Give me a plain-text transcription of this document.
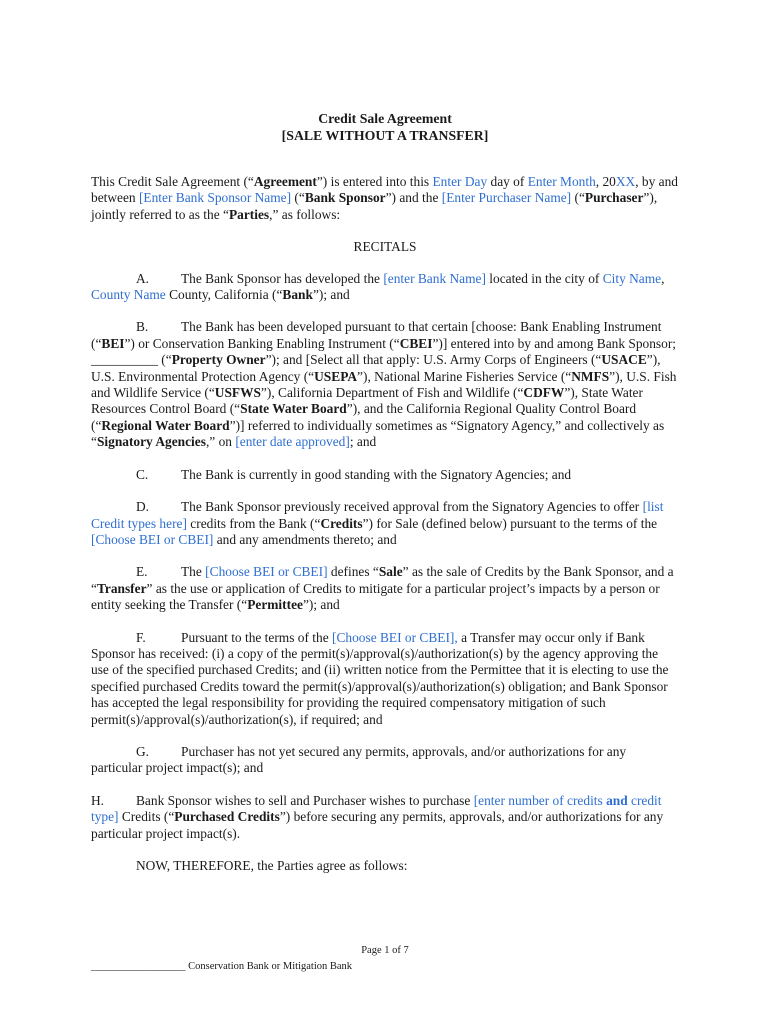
Credit Sale Agreement
[SALE WITHOUT A TRANSFER]

This Credit Sale Agreement (“Agreement”) is entered into this Enter Day day of Enter Month, 20XX, by and between [Enter Bank Sponsor Name] (“Bank Sponsor”) and the [Enter Purchaser Name] (“Purchaser”), jointly referred to as the “Parties,” as follows:

RECITALS

A. The Bank Sponsor has developed the [enter Bank Name] located in the city of City Name, County Name County, California (“Bank”); and

B. The Bank has been developed pursuant to that certain [choose: Bank Enabling Instrument (“BEI”) or Conservation Banking Enabling Instrument (“CBEI”)] entered into by and among Bank Sponsor; __________ (“Property Owner”); and [Select all that apply: U.S. Army Corps of Engineers (“USACE”), U.S. Environmental Protection Agency (“USEPA”), National Marine Fisheries Service (“NMFS”), U.S. Fish and Wildlife Service (“USFWS”), California Department of Fish and Wildlife (“CDFW”), State Water Resources Control Board (“State Water Board”), and the California Regional Quality Control Board (“Regional Water Board”)] referred to individually sometimes as “Signatory Agency,” and collectively as “Signatory Agencies,” on [enter date approved]; and

C. The Bank is currently in good standing with the Signatory Agencies; and

D. The Bank Sponsor previously received approval from the Signatory Agencies to offer [list Credit types here] credits from the Bank (“Credits”) for Sale (defined below) pursuant to the terms of the [Choose BEI or CBEI] and any amendments thereto; and

E. The [Choose BEI or CBEI] defines “Sale” as the sale of Credits by the Bank Sponsor, and a “Transfer” as the use or application of Credits to mitigate for a particular project’s impacts by a person or entity seeking the Transfer (“Permittee”); and

F.	Pursuant to the terms of the [Choose BEI or CBEI], a Transfer may occur only if Bank Sponsor has received: (i) a copy of the permit(s)/approval(s)/authorization(s) by the agency approving the use of the specified purchased Credits; and (ii) written notice from the Permittee that it is electing to use the specified purchased Credits toward the permit(s)/approval(s)/authorization(s) obligation; and Bank Sponsor has accepted the legal responsibility for providing the required compensatory mitigation of such permit(s)/approval(s)/authorization(s), if required; and

G. Purchaser has not yet secured any permits, approvals, and/or authorizations for any particular project impact(s); and

H. Bank Sponsor wishes to sell and Purchaser wishes to purchase [enter number of credits and credit type] Credits (“Purchased Credits”) before securing any permits, approvals, and/or authorizations for any particular project impact(s).

NOW, THEREFORE, the Parties agree as follows:

Page 1 of 7
__________________ Conservation Bank or Mitigation Bank
